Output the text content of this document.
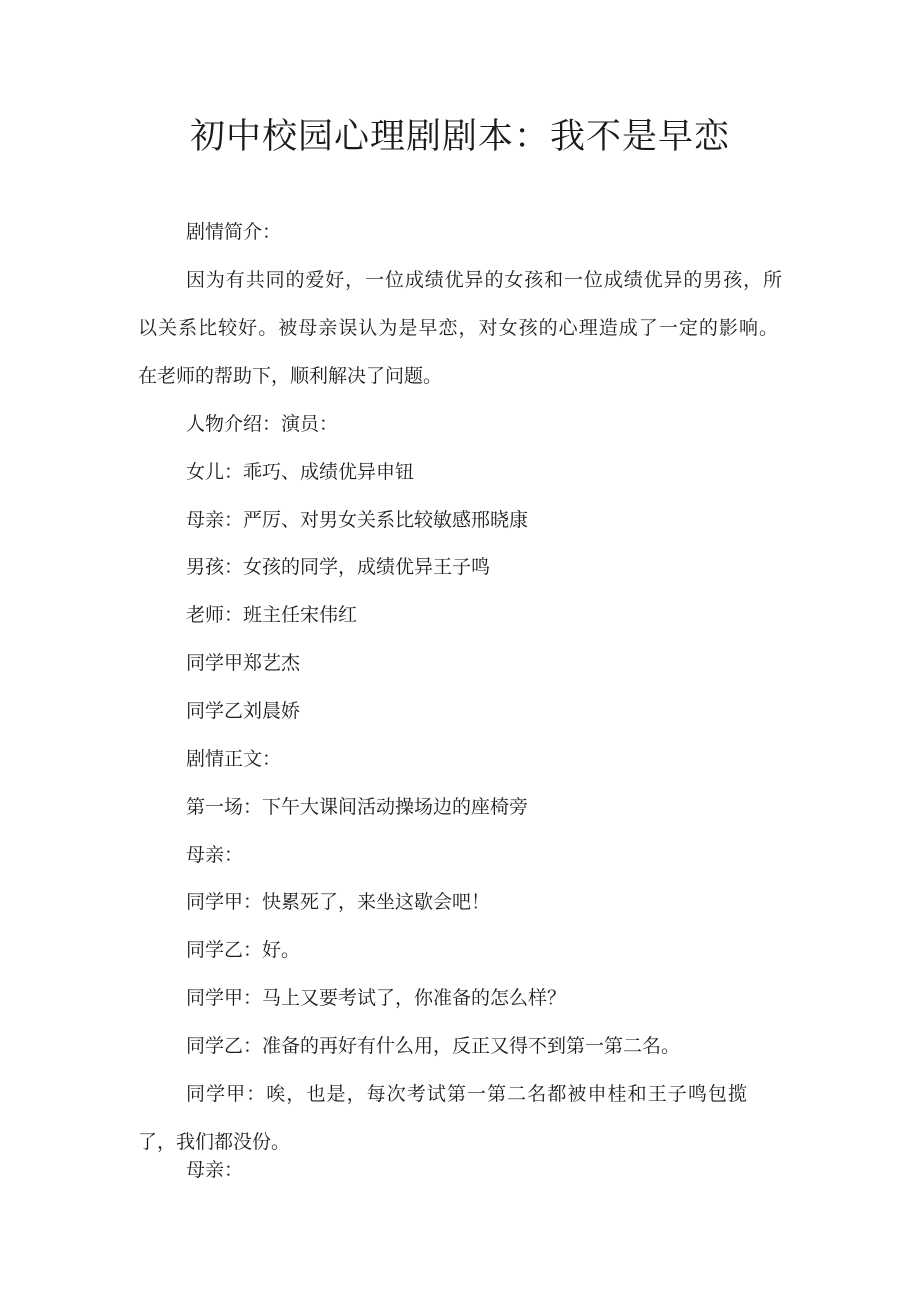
初中校园心理剧剧本：我不是早恋
剧情简介：
因为有共同的爱好，一位成绩优异的女孩和一位成绩优异的男孩，所
以关系比较好。被母亲误认为是早恋，对女孩的心理造成了一定的影响。
在老师的帮助下，顺利解决了问题。
人物介绍：演员：
女儿：乖巧、成绩优异申钮
母亲：严厉、对男女关系比较敏感邢晓康
男孩：女孩的同学，成绩优异王子鸣
老师：班主任宋伟红
同学甲郑艺杰
同学乙刘晨娇
剧情正文：
第一场：下午大课间活动操场边的座椅旁
母亲：
同学甲：快累死了，来坐这歇会吧！
同学乙：好。
同学甲：马上又要考试了，你准备的怎么样？
同学乙：准备的再好有什么用，反正又得不到第一第二名。
同学甲：唉，也是，每次考试第一第二名都被申桂和王子鸣包揽
了，我们都没份。
母亲：
